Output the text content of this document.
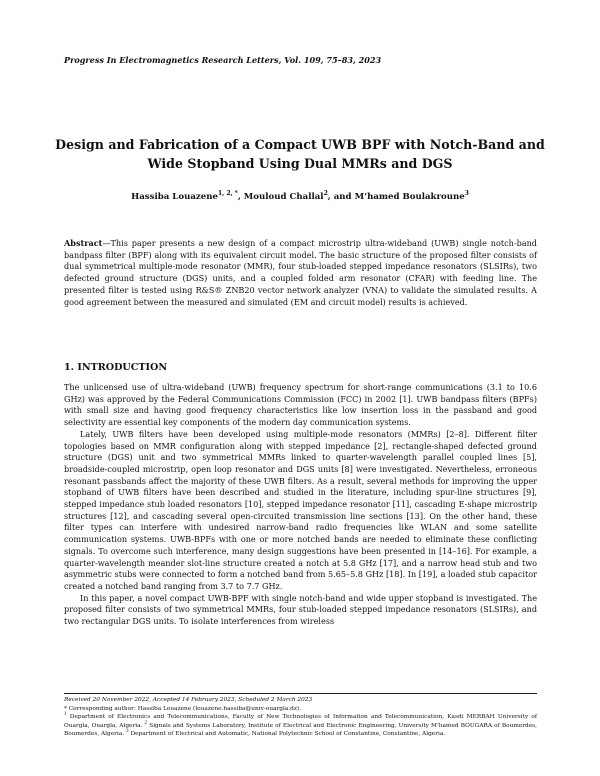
Progress In Electromagnetics Research Letters, Vol. 109, 75–83, 2023
Design and Fabrication of a Compact UWB BPF with Notch-Band and Wide Stopband Using Dual MMRs and DGS
Hassiba Louazene$^{1, 2, *}$, Mouloud Challal$^2$, and M’hamed Boulakroune$^3$
Abstract—This paper presents a new design of a compact microstrip ultra-wideband (UWB) single notch-band bandpass filter (BPF) along with its equivalent circuit model. The basic structure of the proposed filter consists of dual symmetrical multiple-mode resonator (MMR), four stub-loaded stepped impedance resonators (SLSIRs), two defected ground structure (DGS) units, and a coupled folded arm resonator (CFAR) with feeding line. The presented filter is tested using R&S® ZNB20 vector network analyzer (VNA) to validate the simulated results. A good agreement between the measured and simulated (EM and circuit model) results is achieved.
1. INTRODUCTION

The unlicensed use of ultra-wideband (UWB) frequency spectrum for short-range communications (3.1 to 10.6 GHz) was approved by the Federal Communications Commission (FCC) in 2002 [1]. UWB bandpass filters (BPFs) with small size and having good frequency characteristics like low insertion loss in the passband and good selectivity are essential key components of the modern day communication systems.

Lately, UWB filters have been developed using multiple-mode resonators (MMRs) [2–8]. Different filter topologies based on MMR configuration along with stepped impedance [2], rectangle-shaped defected ground structure (DGS) unit and two symmetrical MMRs linked to quarter-wavelength parallel coupled lines [5], broadside-coupled microstrip, open loop resonator and DGS units [8] were investigated. Nevertheless, erroneous resonant passbands affect the majority of these UWB filters. As a result, several methods for improving the upper stopband of UWB filters have been described and studied in the literature, including spur-line structures [9], stepped impedance stub loaded resonators [10], stepped impedance resonator [11], cascading E-shape microstrip structures [12], and cascading several open-circuited transmission line sections [13]. On the other hand, these filter types can interfere with undesired narrow-band radio frequencies like WLAN and some satellite communication systems. UWB-BPFs with one or more notched bands are needed to eliminate these conflicting signals. To overcome such interference, many design suggestions have been presented in [14–16]. For example, a quarter-wavelength meander slot-line structure created a notch at 5.8 GHz [17], and a narrow head stub and two asymmetric stubs were connected to form a notched band from 5.65–5.8 GHz [18]. In [19], a loaded stub capacitor created a notched band ranging from 3.7 to 7.7 GHz.

In this paper, a novel compact UWB-BPF with single notch-band and wide upper stopband is investigated. The proposed filter consists of two symmetrical MMRs, four stub-loaded stepped impedance resonators (SLSIRs), and two rectangular DGS units. To isolate interferences from wireless

Received 20 November 2022, Accepted 14 February 2023, Scheduled 2 March 2023

* Corresponding author: Hassiba Louazene (louazene.hassiba@univ-ouargla.dz).

$^1$ Department of Electronics and Telecommunications, Faculty of New Technologies of Information and Telecommunication, Kasdi MERBAH University of Ouargla, Ouargla, Algeria. $^2$ Signals and Systems Laboratory, Institute of Electrical and Electronic Engineering, University M’hamed BOUGARA of Boumerdes, Boumerdes, Algeria. $^3$ Department of Electrical and Automatic, National Polytechnic School of Constantine, Constantine, Algeria.
